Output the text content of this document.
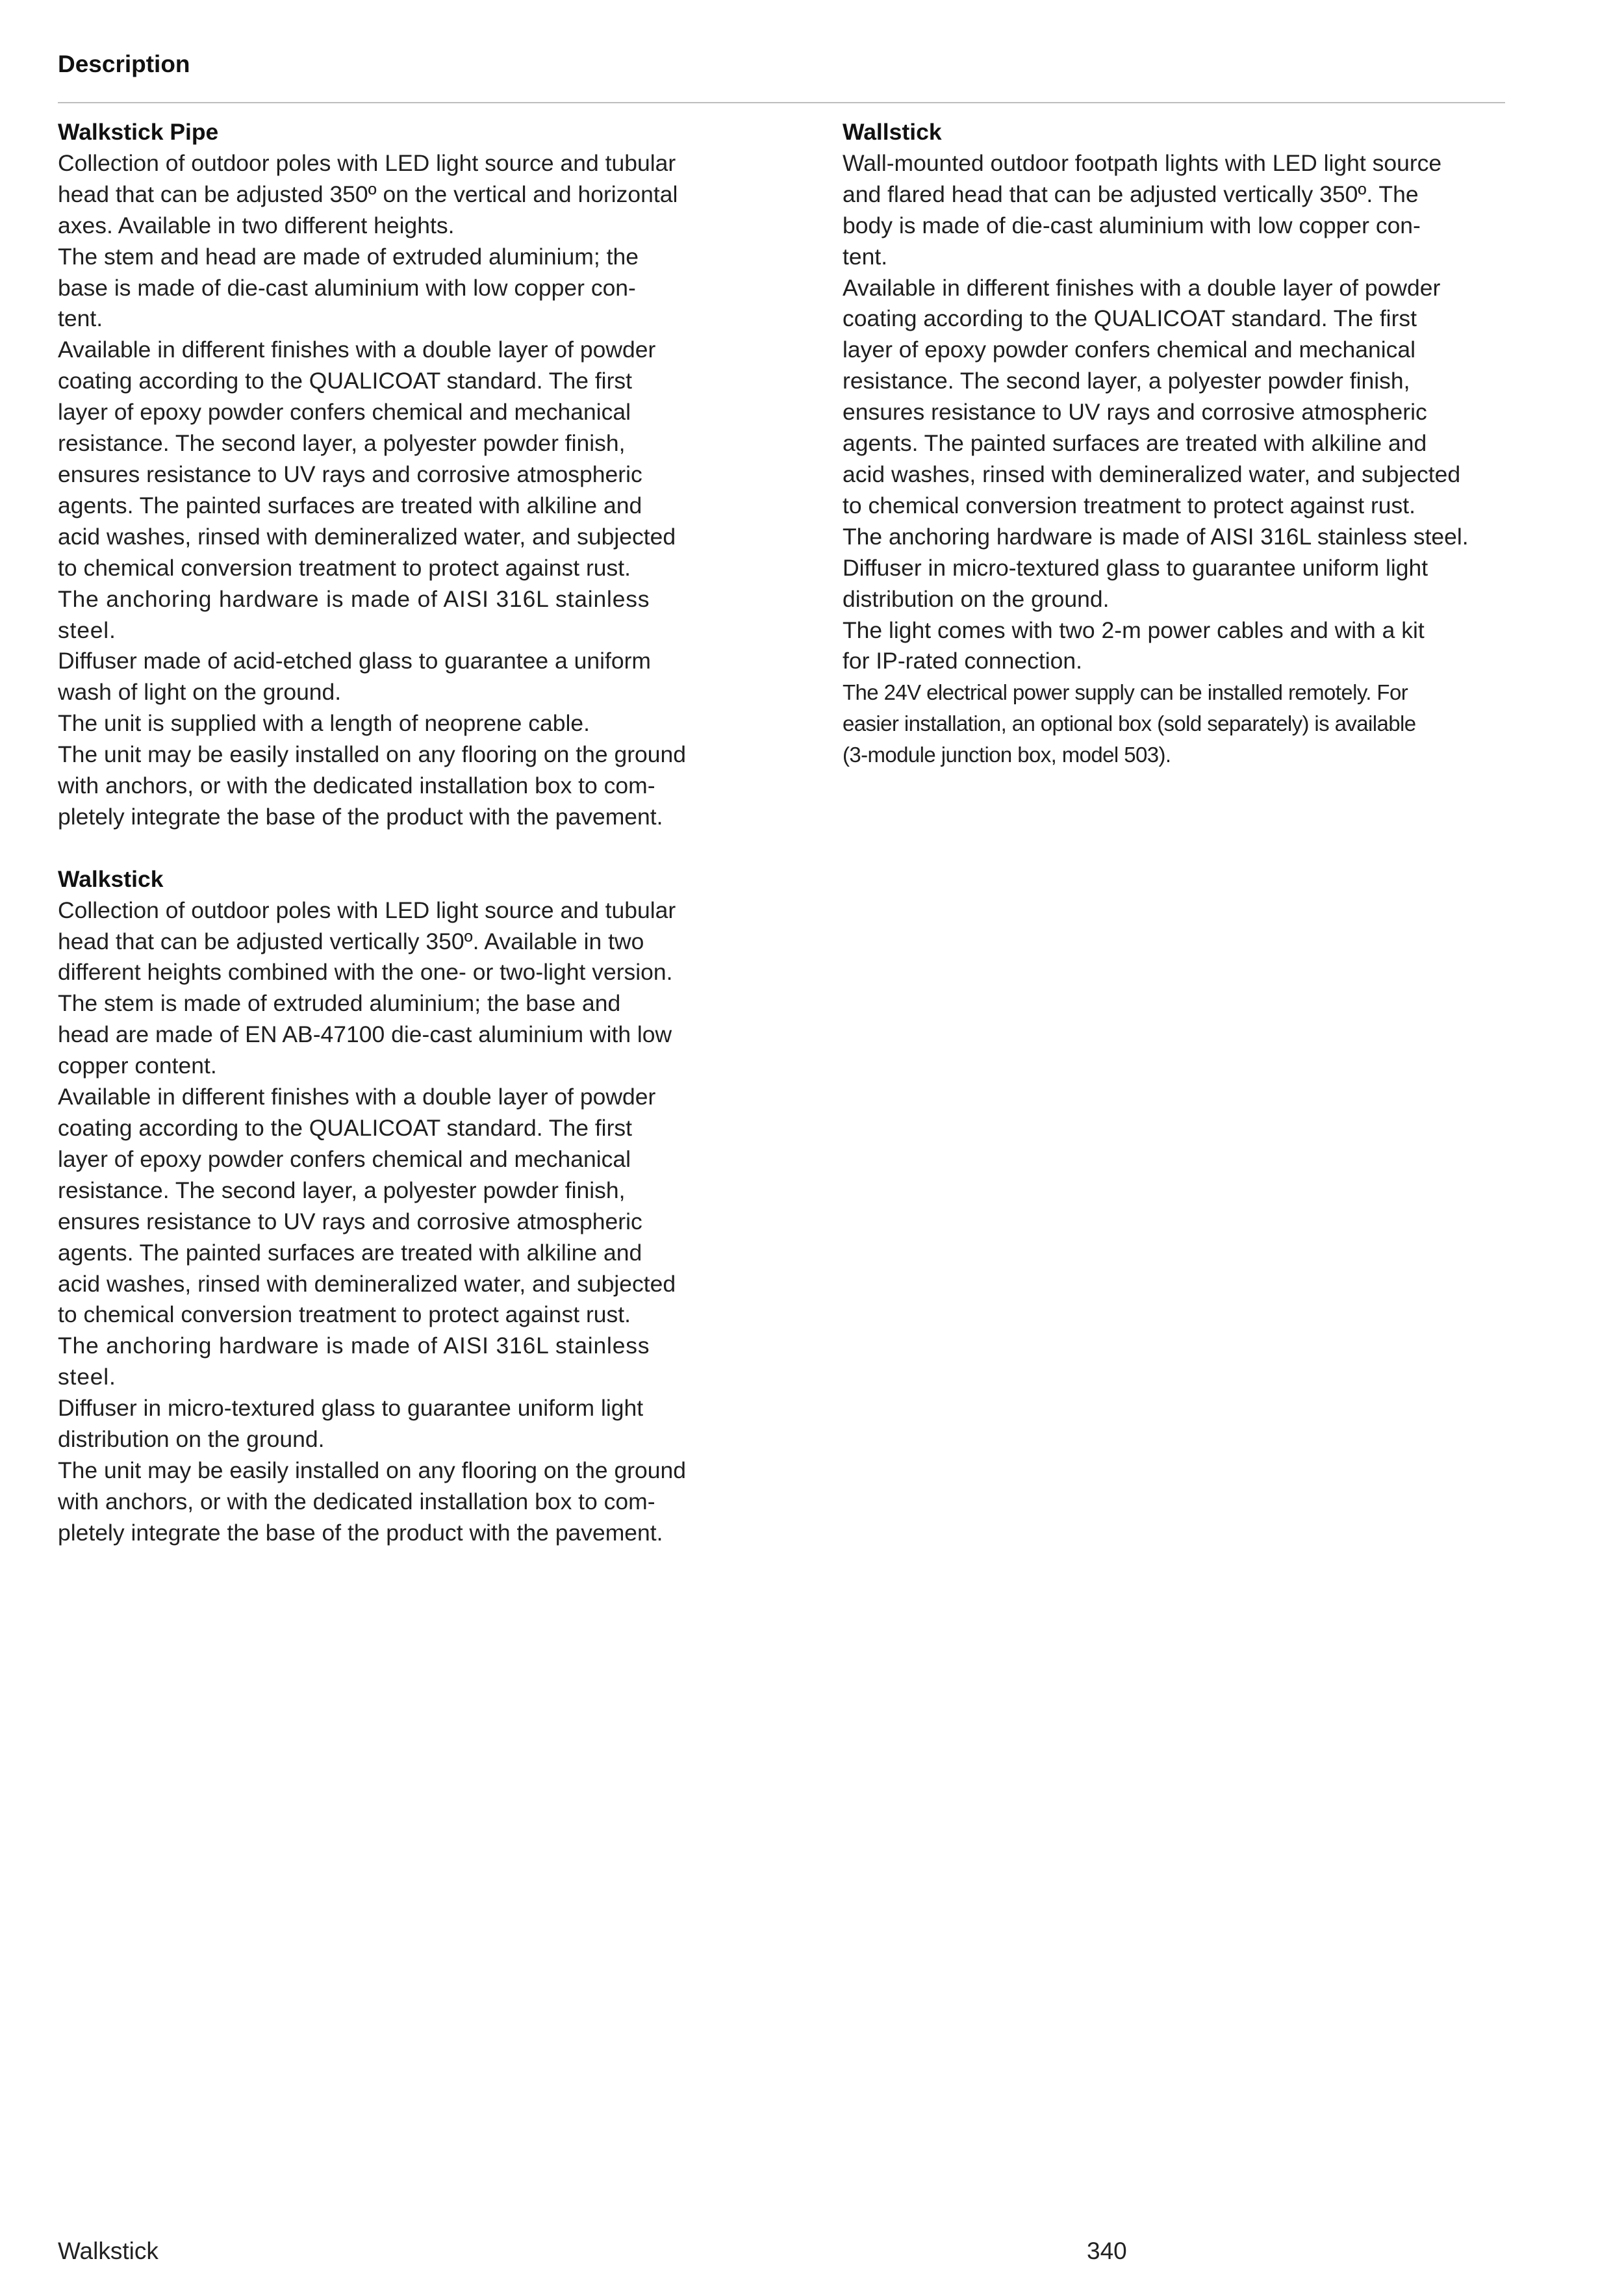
Description

Walkstick Pipe

Collection of outdoor poles with LED light source and tubular
head that can be adjusted 350º on the vertical and horizontal
axes. Available in two different heights.

The stem and head are made of extruded aluminium; the
base is made of die-cast aluminium with low copper con-
tent.

Available in different finishes with a double layer of powder
coating according to the QUALICOAT standard. The first
layer of epoxy powder confers chemical and mechanical
resistance. The second layer, a polyester powder finish,
ensures resistance to UV rays and corrosive atmospheric
agents. The painted surfaces are treated with alkiline and
acid washes, rinsed with demineralized water, and subjected
to chemical conversion treatment to protect against rust.

The anchoring hardware is made of AISI 316L stainless
steel.

Diffuser made of acid-etched glass to guarantee a uniform
wash of light on the ground.

The unit is supplied with a length of neoprene cable.

The unit may be easily installed on any flooring on the ground
with anchors, or with the dedicated installation box to com-
pletely integrate the base of the product with the pavement.

Walkstick

Collection of outdoor poles with LED light source and tubular
head that can be adjusted vertically 350º. Available in two
different heights combined with the one- or two-light version.

The stem is made of extruded aluminium; the base and
head are made of EN AB-47100 die-cast aluminium with low
copper content.

Available in different finishes with a double layer of powder
coating according to the QUALICOAT standard. The first
layer of epoxy powder confers chemical and mechanical
resistance. The second layer, a polyester powder finish,
ensures resistance to UV rays and corrosive atmospheric
agents. The painted surfaces are treated with alkiline and
acid washes, rinsed with demineralized water, and subjected
to chemical conversion treatment to protect against rust.

The anchoring hardware is made of AISI 316L stainless
steel.

Diffuser in micro-textured glass to guarantee uniform light
distribution on the ground.

The unit may be easily installed on any flooring on the ground
with anchors, or with the dedicated installation box to com-
pletely integrate the base of the product with the pavement.

Wallstick

Wall-mounted outdoor footpath lights with LED light source
and flared head that can be adjusted vertically 350º. The
body is made of die-cast aluminium with low copper con-
tent.

Available in different finishes with a double layer of powder
coating according to the QUALICOAT standard. The first
layer of epoxy powder confers chemical and mechanical
resistance. The second layer, a polyester powder finish,
ensures resistance to UV rays and corrosive atmospheric
agents. The painted surfaces are treated with alkiline and
acid washes, rinsed with demineralized water, and subjected
to chemical conversion treatment to protect against rust.

The anchoring hardware is made of AISI 316L stainless steel.

Diffuser in micro-textured glass to guarantee uniform light
distribution on the ground.

The light comes with two 2-m power cables and with a kit
for IP-rated connection.

The 24V electrical power supply can be installed remotely. For
easier installation, an optional box (sold separately) is available
(3-module junction box, model 503).

Walkstick	340
